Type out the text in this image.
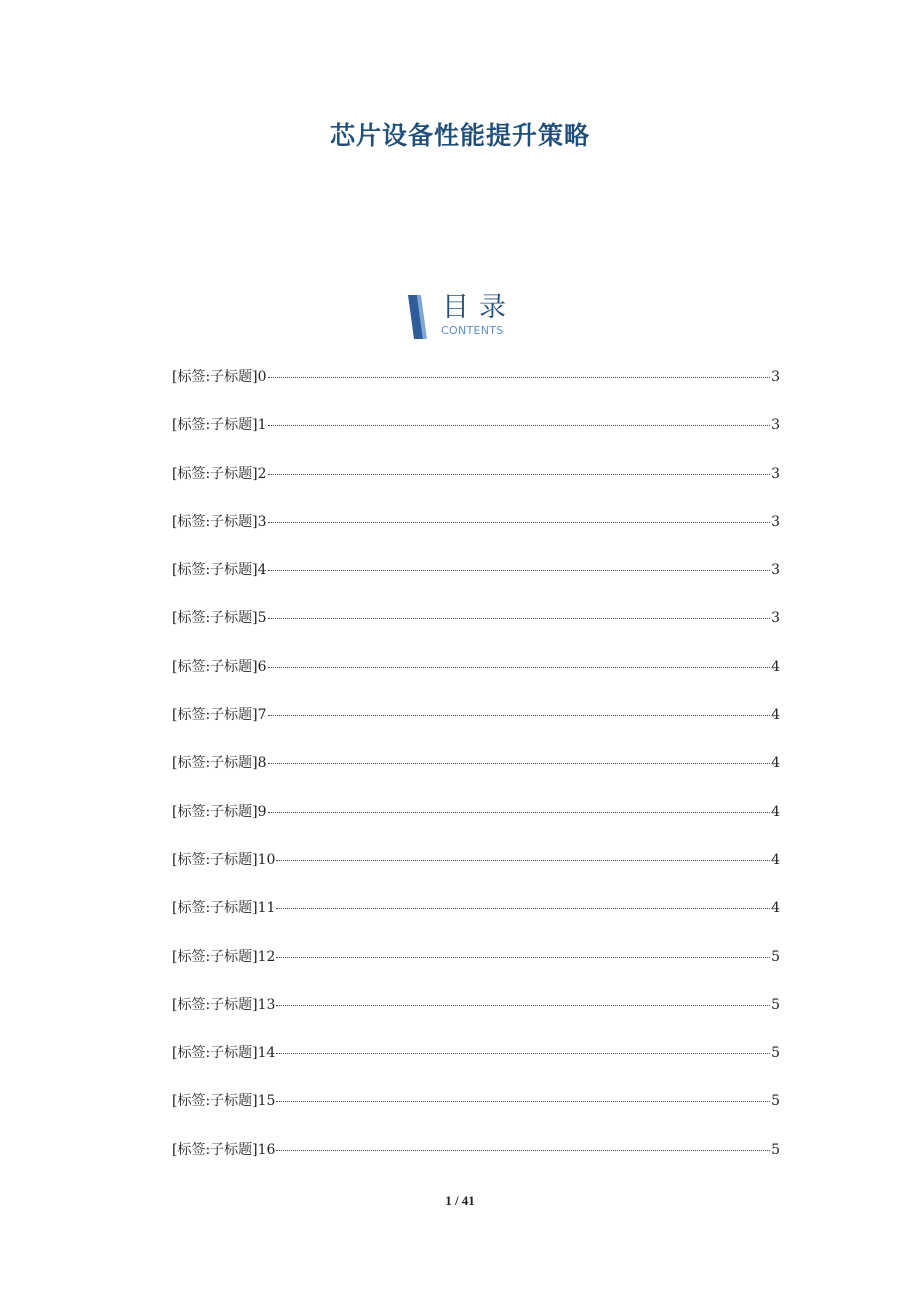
芯片设备性能提升策略
目录
CONTENTS
[标签:子标题]0	3
[标签:子标题]1	3
[标签:子标题]2	3
[标签:子标题]3	3
[标签:子标题]4	3
[标签:子标题]5	3
[标签:子标题]6	4
[标签:子标题]7	4
[标签:子标题]8	4
[标签:子标题]9	4
[标签:子标题]10	4
[标签:子标题]11	4
[标签:子标题]12	5
[标签:子标题]13	5
[标签:子标题]14	5
[标签:子标题]15	5
[标签:子标题]16	5
1 / 41
